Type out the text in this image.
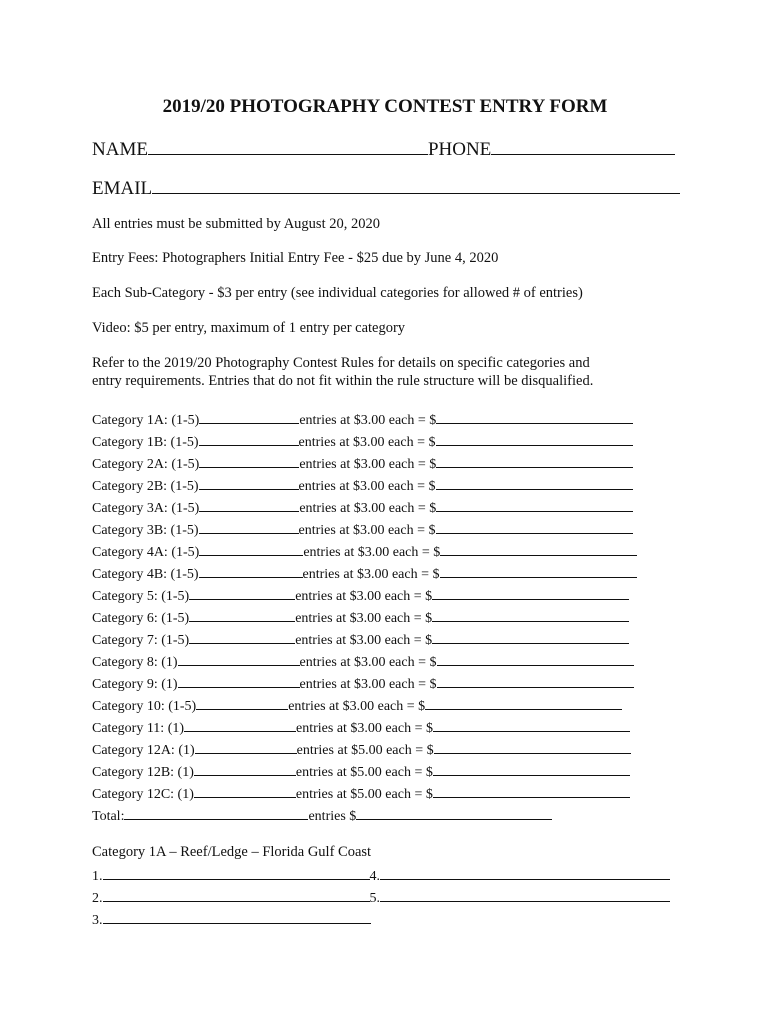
2019/20 PHOTOGRAPHY CONTEST ENTRY FORM
NAME	PHONE
EMAIL
All entries must be submitted by August 20, 2020
Entry Fees: Photographers Initial Entry Fee - $25 due by June 4, 2020
Each Sub-Category - $3 per entry (see individual categories for allowed # of entries)
Video: $5 per entry, maximum of 1 entry per category
Refer to the 2019/20 Photography Contest Rules for details on specific categories and
entry requirements. Entries that do not fit within the rule structure will be disqualified.
Category 1A: (1-5)	entries at $3.00 each = $
Category 1B: (1-5)	entries at $3.00 each = $
Category 2A: (1-5)	entries at $3.00 each = $
Category 2B: (1-5)	entries at $3.00 each = $
Category 3A: (1-5)	entries at $3.00 each = $
Category 3B: (1-5)	entries at $3.00 each = $
Category 4A: (1-5)	entries at $3.00 each = $
Category 4B: (1-5)	entries at $3.00 each = $
Category 5: (1-5)	entries at $3.00 each = $
Category 6: (1-5)	entries at $3.00 each = $
Category 7: (1-5)	entries at $3.00 each = $
Category 8: (1)	entries at $3.00 each = $
Category 9: (1)	entries at $3.00 each = $
Category 10: (1-5)	entries at $3.00 each = $
Category 11: (1)	entries at $3.00 each = $
Category 12A: (1)	entries at $5.00 each = $
Category 12B: (1)	entries at $5.00 each = $
Category 12C: (1)	entries at $5.00 each = $
Total:	entries $
Category 1A – Reef/Ledge – Florida Gulf Coast
1.	4.
2.	5.
3.
